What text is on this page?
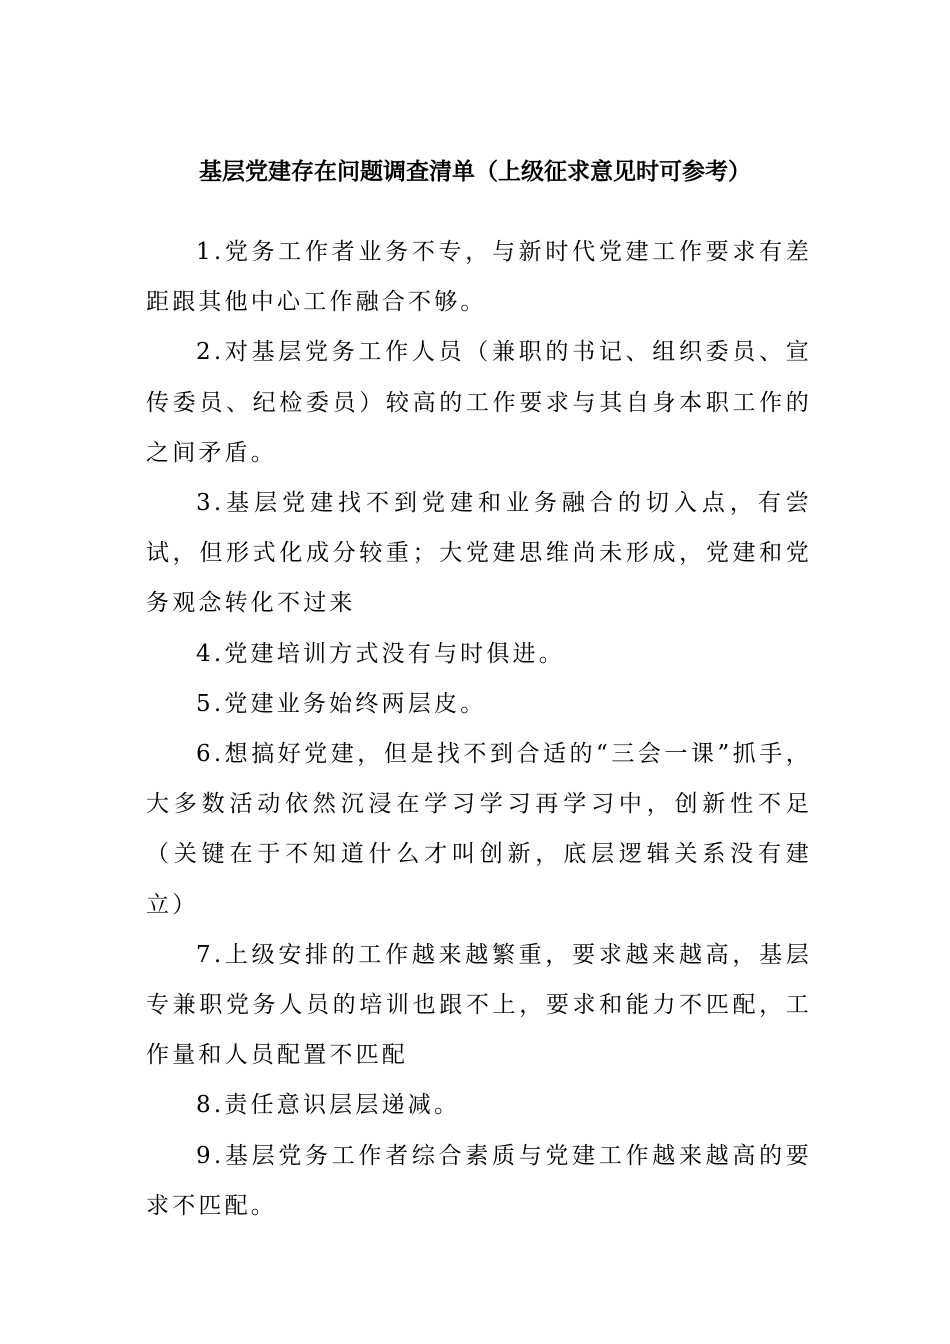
基层党建存在问题调查清单（上级征求意见时可参考）

1.党务工作者业务不专，与新时代党建工作要求有差距跟其他中心工作融合不够。

2.对基层党务工作人员（兼职的书记、组织委员、宣传委员、纪检委员）较高的工作要求与其自身本职工作的之间矛盾。

3.基层党建找不到党建和业务融合的切入点，有尝试，但形式化成分较重；大党建思维尚未形成，党建和党务观念转化不过来

4.党建培训方式没有与时俱进。

5.党建业务始终两层皮。

6.想搞好党建，但是找不到合适的“三会一课”抓手，大多数活动依然沉浸在学习学习再学习中，创新性不足（关键在于不知道什么才叫创新，底层逻辑关系没有建立）

7.上级安排的工作越来越繁重，要求越来越高，基层专兼职党务人员的培训也跟不上，要求和能力不匹配，工作量和人员配置不匹配

8.责任意识层层递减。

9.基层党务工作者综合素质与党建工作越来越高的要求不匹配。
